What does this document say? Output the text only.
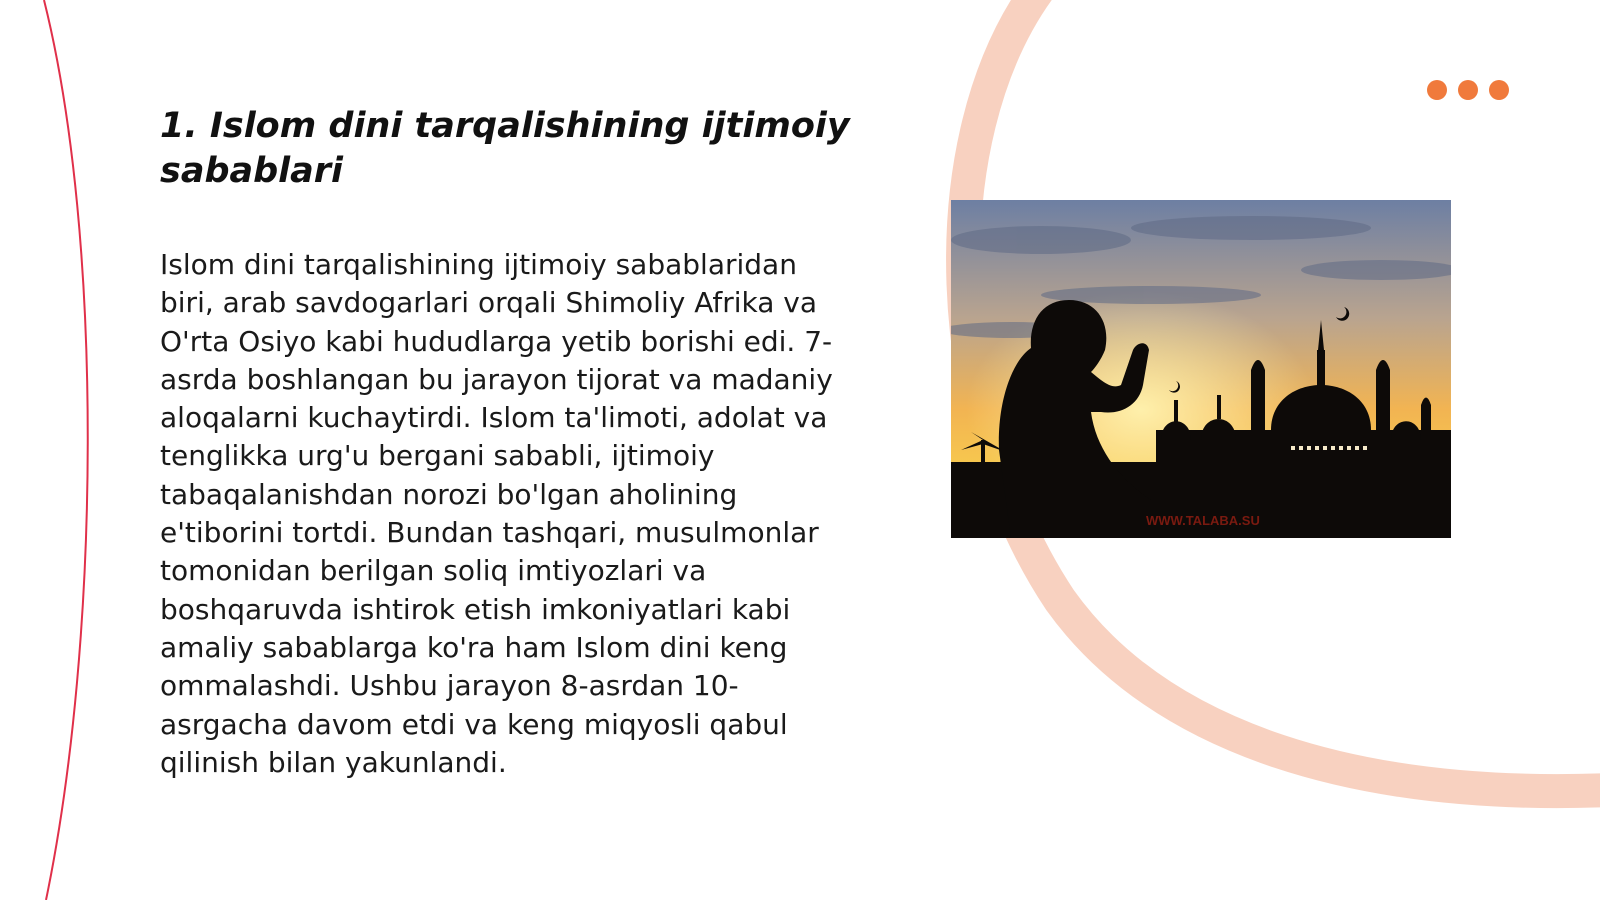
1. Islom dini tarqalishining ijtimoiy sabablari

Islom dini tarqalishining ijtimoiy sabablaridan biri, arab savdogarlari orqali Shimoliy Afrika va O'rta Osiyo kabi hududlarga yetib borishi edi. 7-asrda boshlangan bu jarayon tijorat va madaniy aloqalarni kuchaytirdi. Islom ta'limoti, adolat va tenglikka urg'u bergani sababli, ijtimoiy tabaqalanishdan norozi bo'lgan aholining e'tiborini tortdi. Bundan tashqari, musulmonlar tomonidan berilgan soliq imtiyozlari va boshqaruvda ishtirok etish imkoniyatlari kabi amaliy sabablarga ko'ra ham Islom dini keng ommalashdi. Ushbu jarayon 8-asrdan 10-asrgacha davom etdi va keng miqyosli qabul qilinish bilan yakunlandi.

WWW.TALABA.SU
